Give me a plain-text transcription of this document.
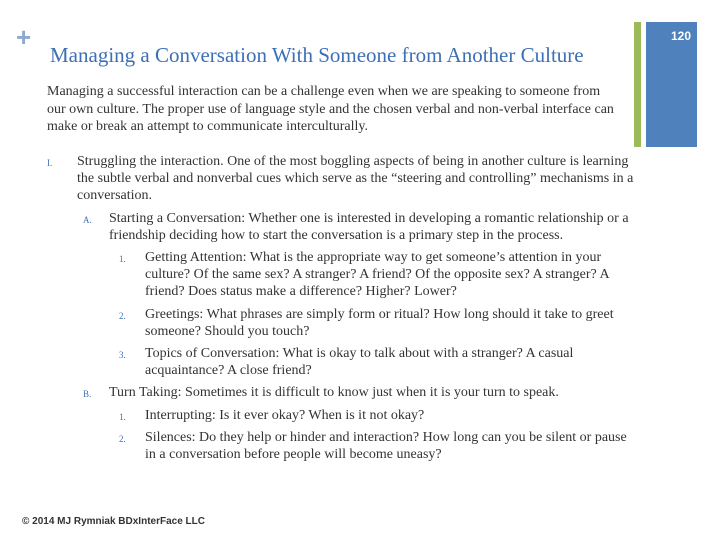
+
Managing a Conversation With Someone from Another Culture
120
Managing a successful interaction can be a challenge even when we are speaking to someone from our own culture. The proper use of language style and the chosen verbal and non-verbal interface can make or break an attempt to communicate interculturally.
I. Struggling the interaction. One of the most boggling aspects of being in another culture is learning the subtle verbal and nonverbal cues which serve as the “steering and controlling” mechanisms in a conversation.
A. Starting a Conversation: Whether one is interested in developing a romantic relationship or a friendship deciding how to start the conversation is a primary step in the process.
1. Getting Attention: What is the appropriate way to get someone’s attention in your culture? Of the same sex? A stranger? A friend? Of the opposite sex? A stranger? A friend? Does status make a difference? Higher? Lower?
2. Greetings: What phrases are simply form or ritual? How long should it take to greet someone? Should you touch?
3. Topics of Conversation: What is okay to talk about with a stranger? A casual acquaintance? A close friend?
B. Turn Taking: Sometimes it is difficult to know just when it is your turn to speak.
1. Interrupting: Is it ever okay? When is it not okay?
2. Silences: Do they help or hinder and interaction? How long can you be silent or pause in a conversation before people will become uneasy?
© 2014 MJ Rymniak BDxInterFace LLC
